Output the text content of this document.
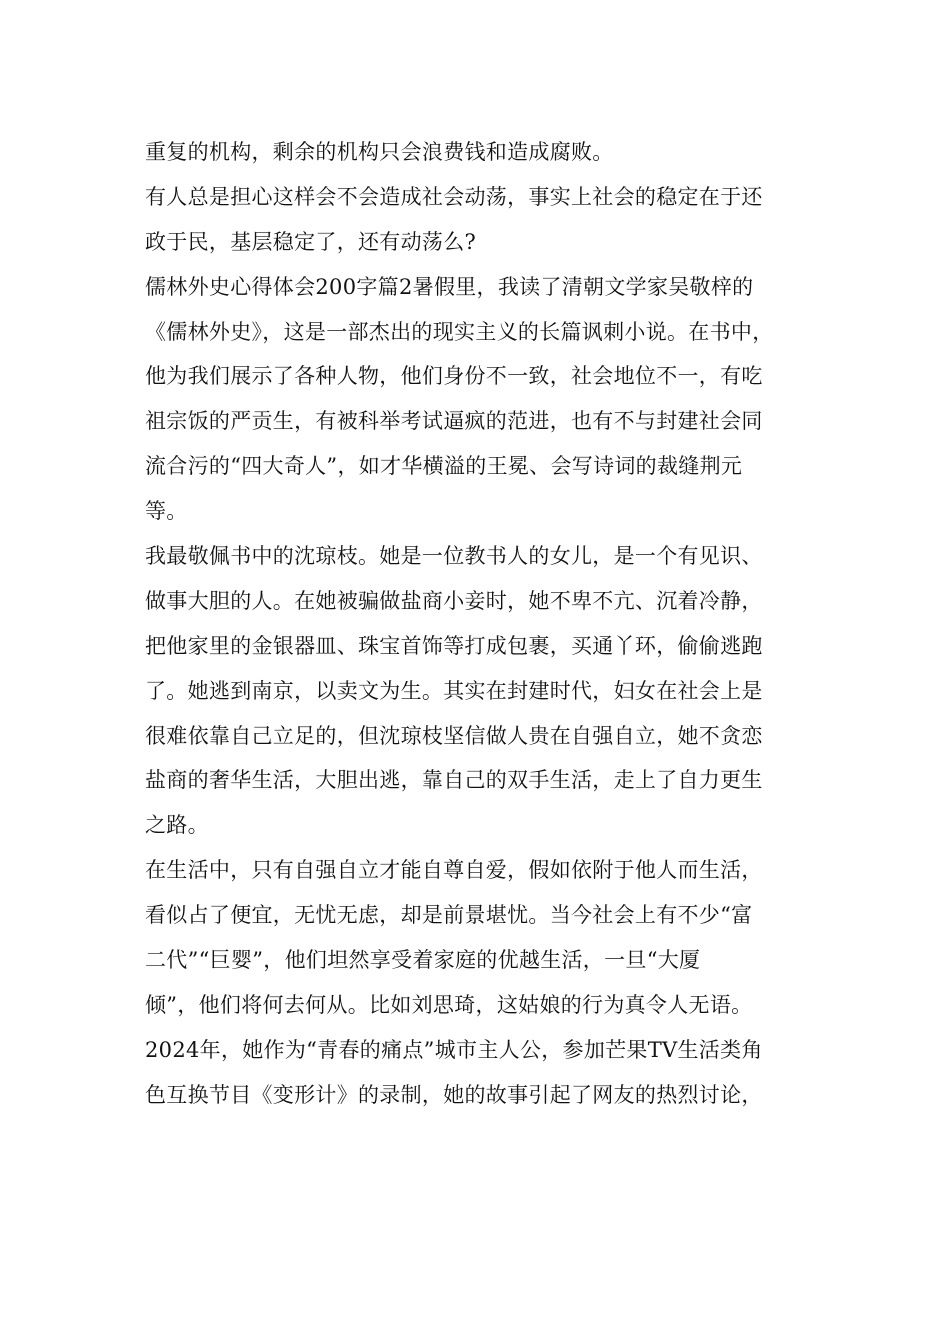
重复的机构，剩余的机构只会浪费钱和造成腐败。
有人总是担心这样会不会造成社会动荡，事实上社会的稳定在于还
政于民，基层稳定了，还有动荡么?
儒林外史心得体会200字篇2暑假里，我读了清朝文学家吴敬梓的
《儒林外史》，这是一部杰出的现实主义的长篇讽刺小说。在书中，
他为我们展示了各种人物，他们身份不一致，社会地位不一，有吃
祖宗饭的严贡生，有被科举考试逼疯的范进，也有不与封建社会同
流合污的“四大奇人”，如才华横溢的王冕、会写诗词的裁缝荆元
等。
我最敬佩书中的沈琼枝。她是一位教书人的女儿，是一个有见识、
做事大胆的人。在她被骗做盐商小妾时，她不卑不亢、沉着冷静，
把他家里的金银器皿、珠宝首饰等打成包裹，买通丫环，偷偷逃跑
了。她逃到南京，以卖文为生。其实在封建时代，妇女在社会上是
很难依靠自己立足的，但沈琼枝坚信做人贵在自强自立，她不贪恋
盐商的奢华生活，大胆出逃，靠自己的双手生活，走上了自力更生
之路。
在生活中，只有自强自立才能自尊自爱，假如依附于他人而生活，
看似占了便宜，无忧无虑，却是前景堪忧。当今社会上有不少“富
二代”“巨婴”，他们坦然享受着家庭的优越生活，一旦“大厦
倾”，他们将何去何从。比如刘思琦，这姑娘的行为真令人无语。
2024年，她作为“青春的痛点”城市主人公，参加芒果TV生活类角
色互换节目《变形计》的录制，她的故事引起了网友的热烈讨论，
